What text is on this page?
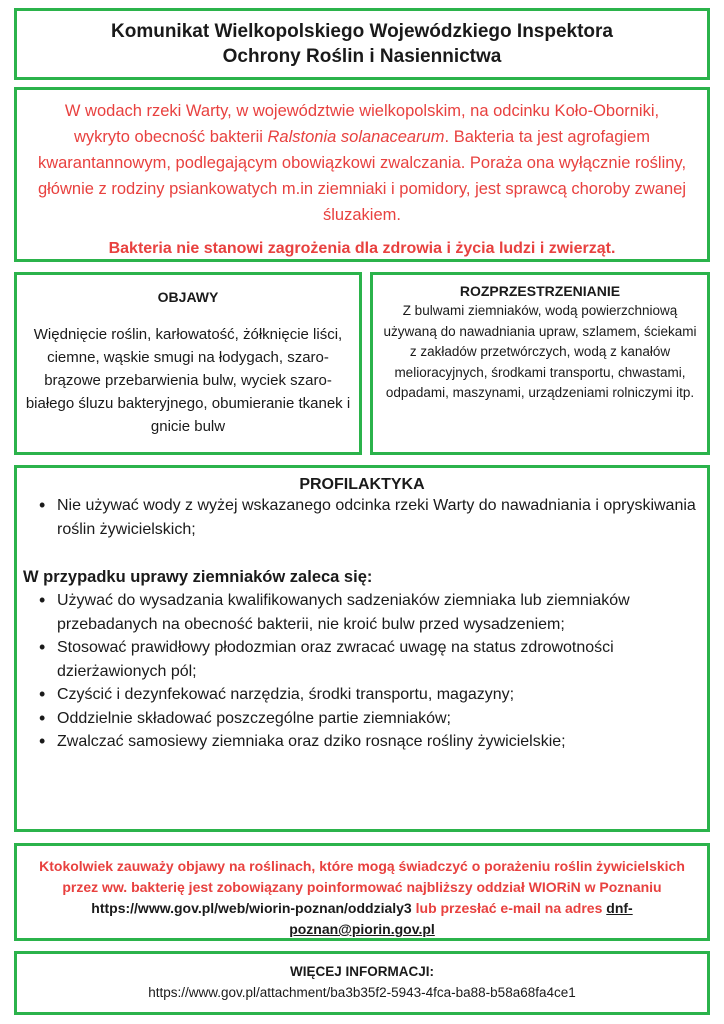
Komunikat Wielkopolskiego Wojewódzkiego Inspektora
Ochrony Roślin i Nasiennictwa

W wodach rzeki Warty, w województwie wielkopolskim, na odcinku Koło-Oborniki, wykryto obecność bakterii Ralstonia solanacearum. Bakteria ta jest agrofagiem kwarantannowym, podlegającym obowiązkowi zwalczania. Poraża ona wyłącznie rośliny, głównie z rodziny psiankowatych m.in ziemniaki i pomidory, jest sprawcą choroby zwanej śluzakiem.

Bakteria nie stanowi zagrożenia dla zdrowia i życia ludzi i zwierząt.

OBJAWY

Więdnięcie roślin, karłowatość, żółknięcie liści, ciemne, wąskie smugi na łodygach, szaro-brązowe przebarwienia bulw, wyciek szaro-białego śluzu bakteryjnego, obumieranie tkanek i gnicie bulw

ROZPRZESTRZENIANIE

Z bulwami ziemniaków, wodą powierzchniową używaną do nawadniania upraw, szlamem, ściekami z zakładów przetwórczych, wodą z kanałów melioracyjnych, środkami transportu, chwastami, odpadami, maszynami, urządzeniami rolniczymi itp.

PROFILAKTYKA
• Nie używać wody z wyżej wskazanego odcinka rzeki Warty do nawadniania i opryskiwania roślin żywicielskich;
W przypadku uprawy ziemniaków zaleca się:
• Używać do wysadzania kwalifikowanych sadzeniaków ziemniaka lub ziemniaków przebadanych na obecność bakterii, nie kroić bulw przed wysadzeniem;
• Stosować prawidłowy płodozmian oraz zwracać uwagę na status zdrowotności dzierżawionych pól;
• Czyścić i dezynfekować narzędzia, środki transportu, magazyny;
• Oddzielnie składować poszczególne partie ziemniaków;
• Zwalczać samosiewy ziemniaka oraz dziko rosnące rośliny żywicielskie;

Ktokolwiek zauważy objawy na roślinach, które mogą świadczyć o porażeniu roślin żywicielskich przez ww. bakterię jest zobowiązany poinformować najbliższy oddział WIORiN w Poznaniu https://www.gov.pl/web/wiorin-poznan/oddzialy3 lub przesłać e-mail na adres dnf-poznan@piorin.gov.pl

WIĘCEJ INFORMACJI:
https://www.gov.pl/attachment/ba3b35f2-5943-4fca-ba88-b58a68fa4ce1
